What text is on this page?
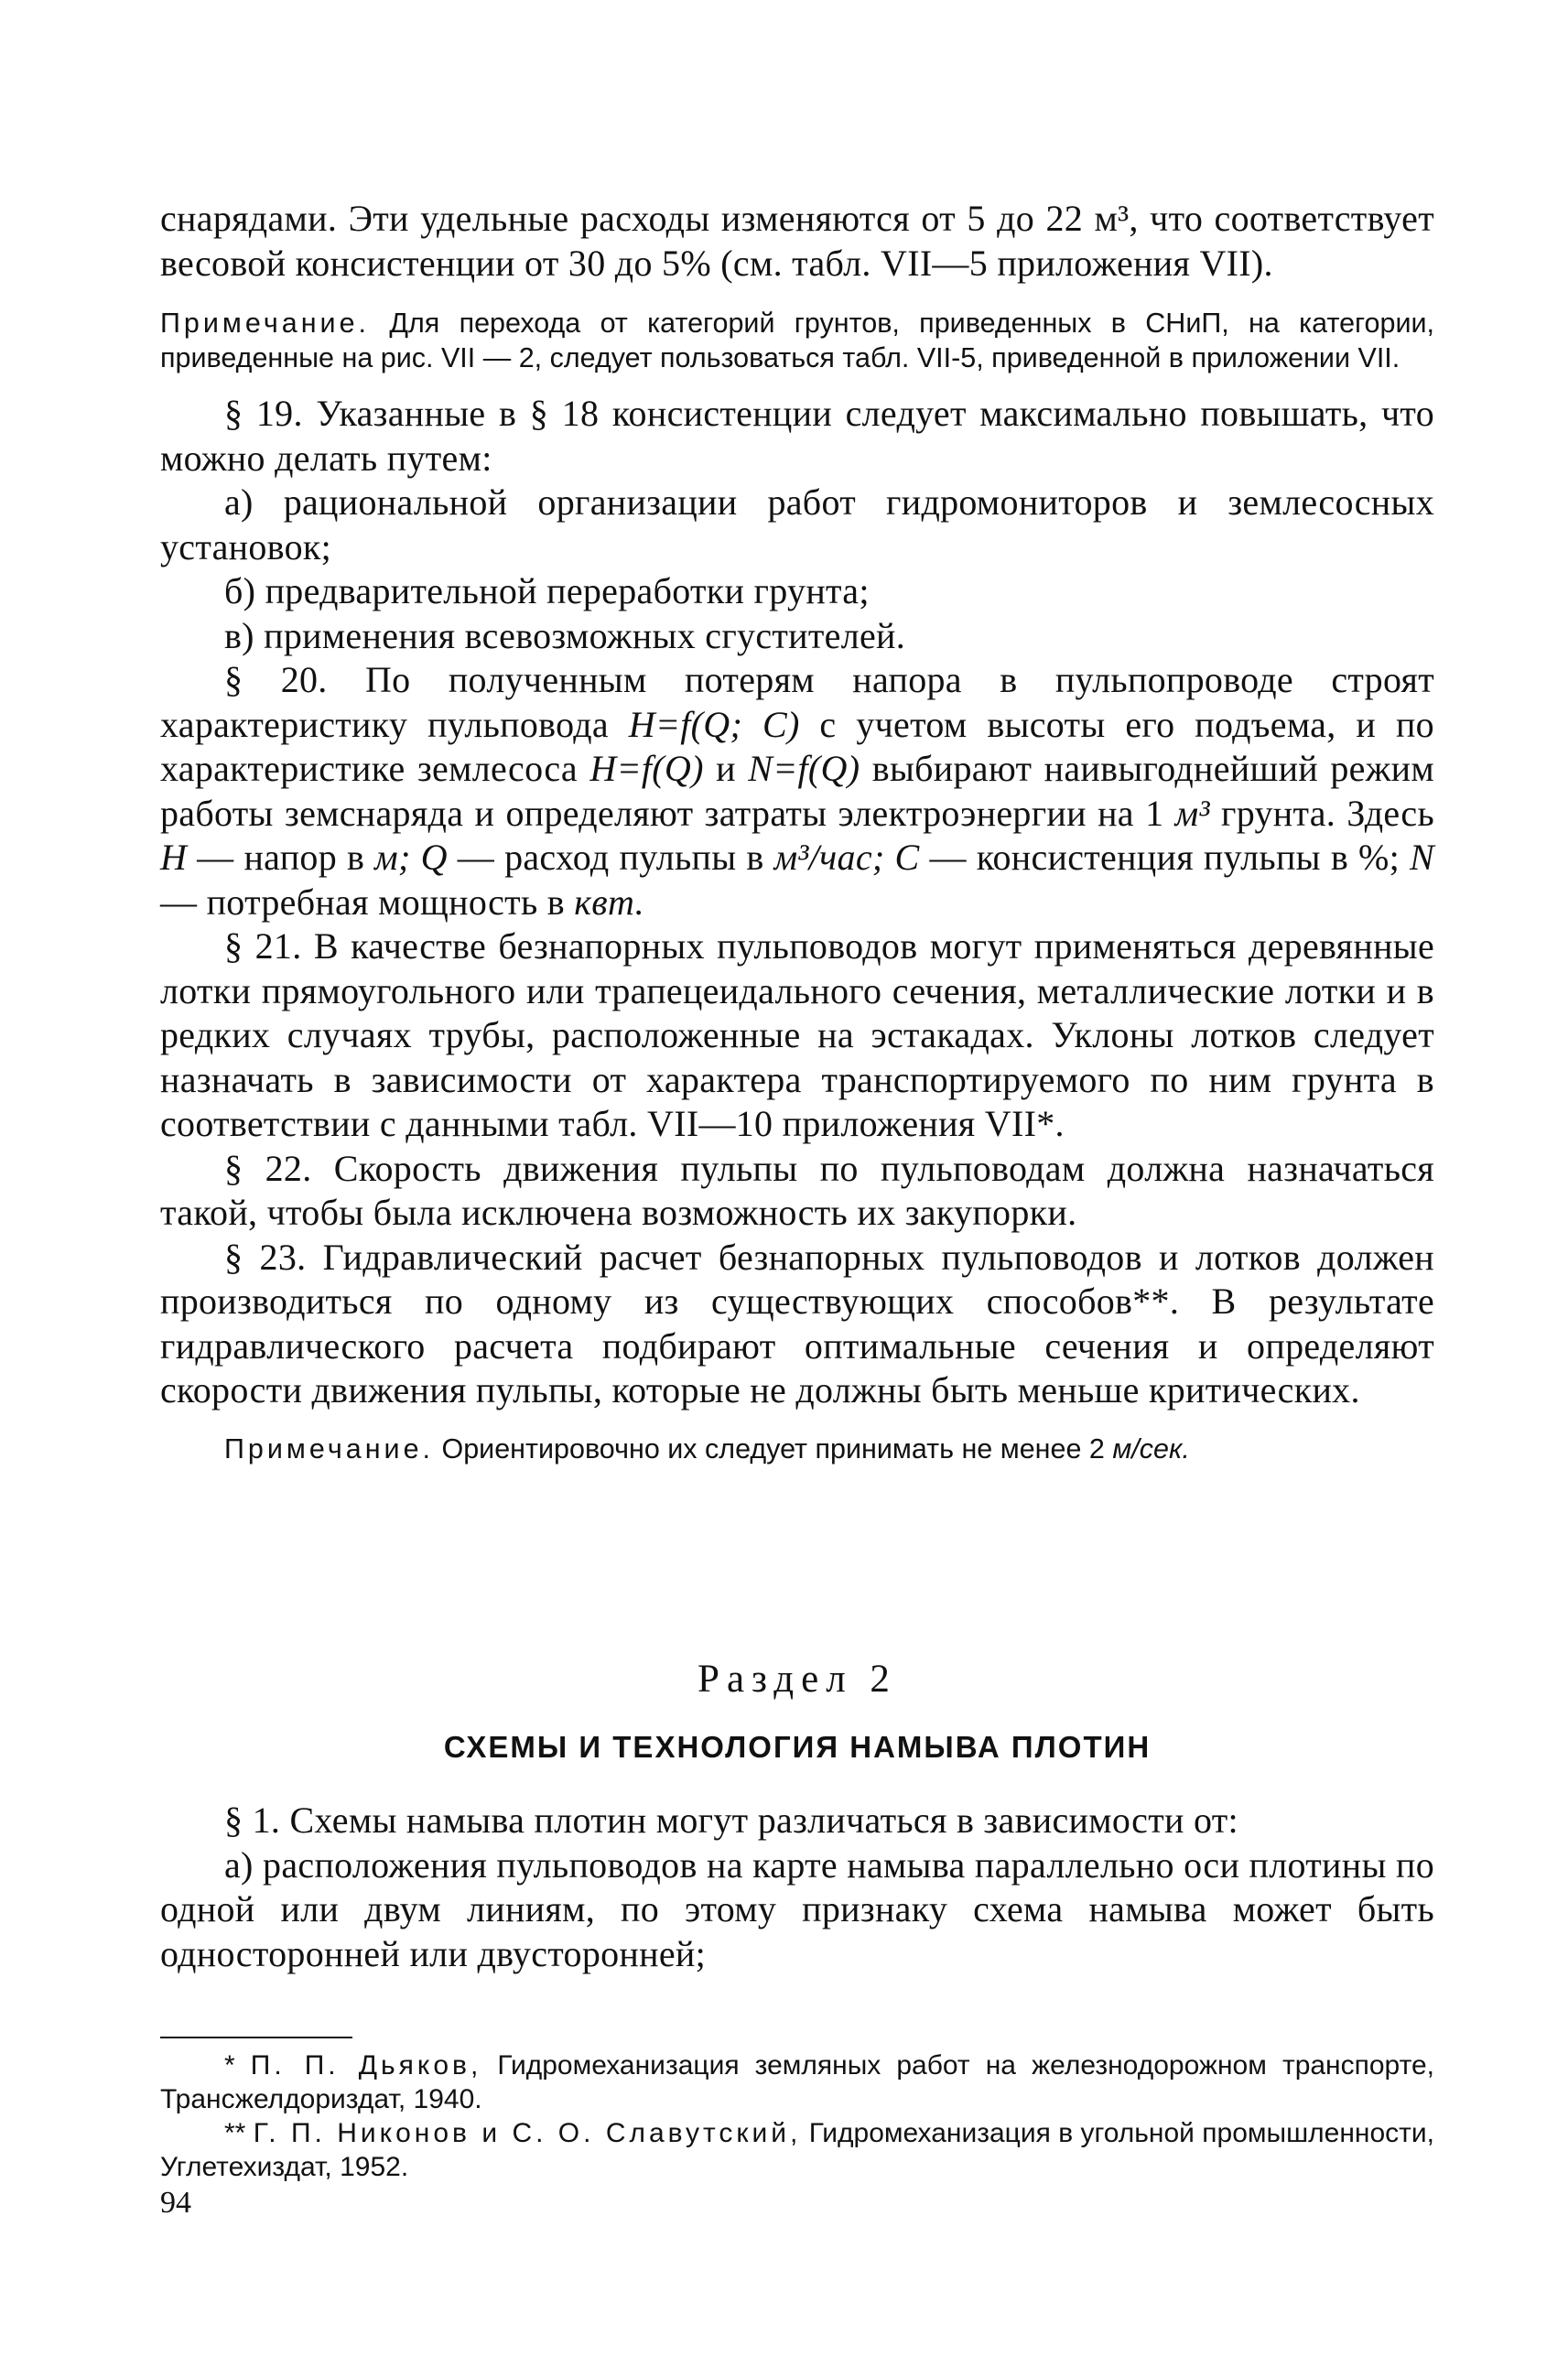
снарядами. Эти удельные расходы изменяются от 5 до 22 м³, что соответствует весовой консистенции от 30 до 5% (см. табл. VII—5 приложения VII).

Примечание. Для перехода от категорий грунтов, приведенных в СНиП, на категории, приведенные на рис. VII — 2, следует пользоваться табл. VII-5, приведенной в приложении VII.

§ 19. Указанные в § 18 консистенции следует максимально повышать, что можно делать путем:

а) рациональной организации работ гидромониторов и землесосных установок;

б) предварительной переработки грунта;

в) применения всевозможных сгустителей.

§ 20. По полученным потерям напора в пульпопроводе строят характеристику пульповода H=f(Q; C) с учетом высоты его подъема, и по характеристике землесоса H=f(Q) и N=f(Q) выбирают наивыгоднейший режим работы земснаряда и определяют затраты электроэнергии на 1 м³ грунта. Здесь H — напор в м; Q — расход пульпы в м³/час; C — консистенция пульпы в %; N — потребная мощность в квт.

§ 21. В качестве безнапорных пульповодов могут применяться деревянные лотки прямоугольного или трапецеидального сечения, металлические лотки и в редких случаях трубы, расположенные на эстакадах. Уклоны лотков следует назначать в зависимости от характера транспортируемого по ним грунта в соответствии с данными табл. VII—10 приложения VII*.

§ 22. Скорость движения пульпы по пульповодам должна назначаться такой, чтобы была исключена возможность их закупорки.

§ 23. Гидравлический расчет безнапорных пульповодов и лотков должен производиться по одному из существующих способов**. В результате гидравлического расчета подбирают оптимальные сечения и определяют скорости движения пульпы, которые не должны быть меньше критических.

Примечание. Ориентировочно их следует принимать не менее 2 м/сек.

Раздел 2
СХЕМЫ И ТЕХНОЛОГИЯ НАМЫВА ПЛОТИН

§ 1. Схемы намыва плотин могут различаться в зависимости от:

а) расположения пульповодов на карте намыва параллельно оси плотины по одной или двум линиям, по этому признаку схема намыва может быть односторонней или двусторонней;

* П. П. Дьяков, Гидромеханизация земляных работ на железнодорожном транспорте, Трансжелдориздат, 1940.

** Г. П. Никонов и С. О. Славутский, Гидромеханизация в угольной промышленности, Углетехиздат, 1952.

94
